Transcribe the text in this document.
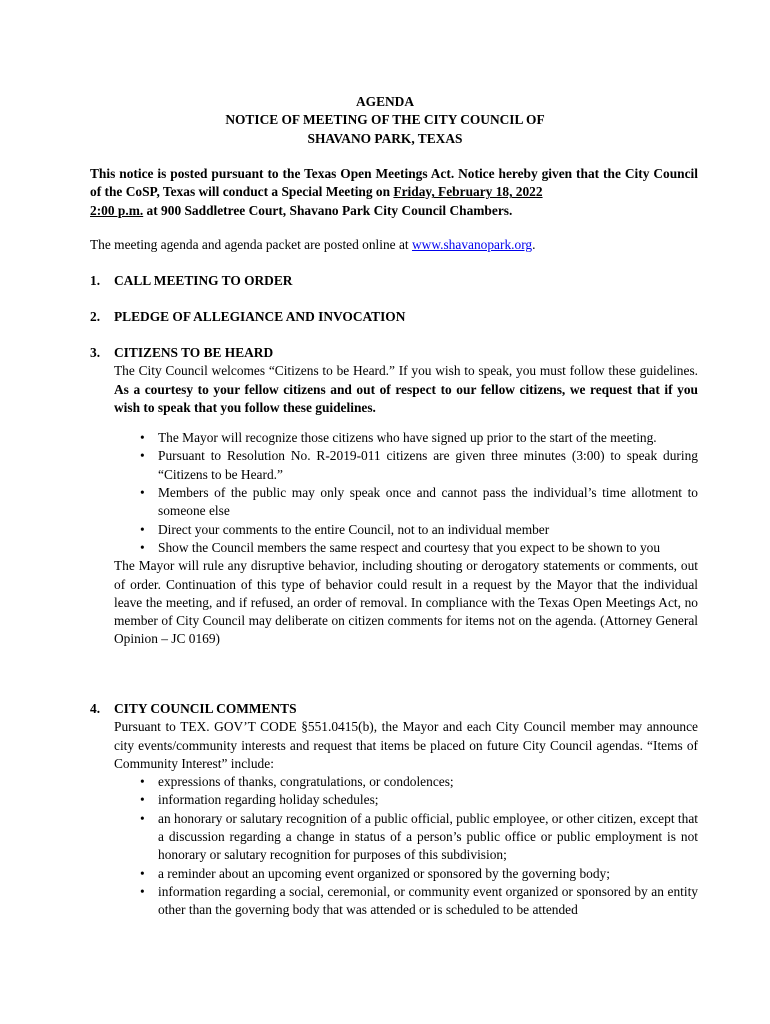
AGENDA
NOTICE OF MEETING OF THE CITY COUNCIL OF
SHAVANO PARK, TEXAS
This notice is posted pursuant to the Texas Open Meetings Act. Notice hereby given that the City Council of the CoSP, Texas will conduct a Special Meeting on Friday, February 18, 2022
2:00 p.m. at 900 Saddletree Court, Shavano Park City Council Chambers.
The meeting agenda and agenda packet are posted online at www.shavanopark.org.
1. CALL MEETING TO ORDER
2. PLEDGE OF ALLEGIANCE AND INVOCATION
3. CITIZENS TO BE HEARD
The City Council welcomes “Citizens to be Heard.” If you wish to speak, you must follow these guidelines. As a courtesy to your fellow citizens and out of respect to our fellow citizens, we request that if you wish to speak that you follow these guidelines.
• The Mayor will recognize those citizens who have signed up prior to the start of the meeting.
• Pursuant to Resolution No. R-2019-011 citizens are given three minutes (3:00) to speak during “Citizens to be Heard.”
• Members of the public may only speak once and cannot pass the individual’s time allotment to someone else
• Direct your comments to the entire Council, not to an individual member
• Show the Council members the same respect and courtesy that you expect to be shown to you
The Mayor will rule any disruptive behavior, including shouting or derogatory statements or comments, out of order. Continuation of this type of behavior could result in a request by the Mayor that the individual leave the meeting, and if refused, an order of removal. In compliance with the Texas Open Meetings Act, no member of City Council may deliberate on citizen comments for items not on the agenda. (Attorney General Opinion – JC 0169)
4. CITY COUNCIL COMMENTS
Pursuant to TEX. GOV’T CODE §551.0415(b), the Mayor and each City Council member may announce city events/community interests and request that items be placed on future City Council agendas. “Items of Community Interest” include:
• expressions of thanks, congratulations, or condolences;
• information regarding holiday schedules;
• an honorary or salutary recognition of a public official, public employee, or other citizen, except that a discussion regarding a change in status of a person’s public office or public employment is not honorary or salutary recognition for purposes of this subdivision;
• a reminder about an upcoming event organized or sponsored by the governing body;
• information regarding a social, ceremonial, or community event organized or sponsored by an entity other than the governing body that was attended or is scheduled to be attended
